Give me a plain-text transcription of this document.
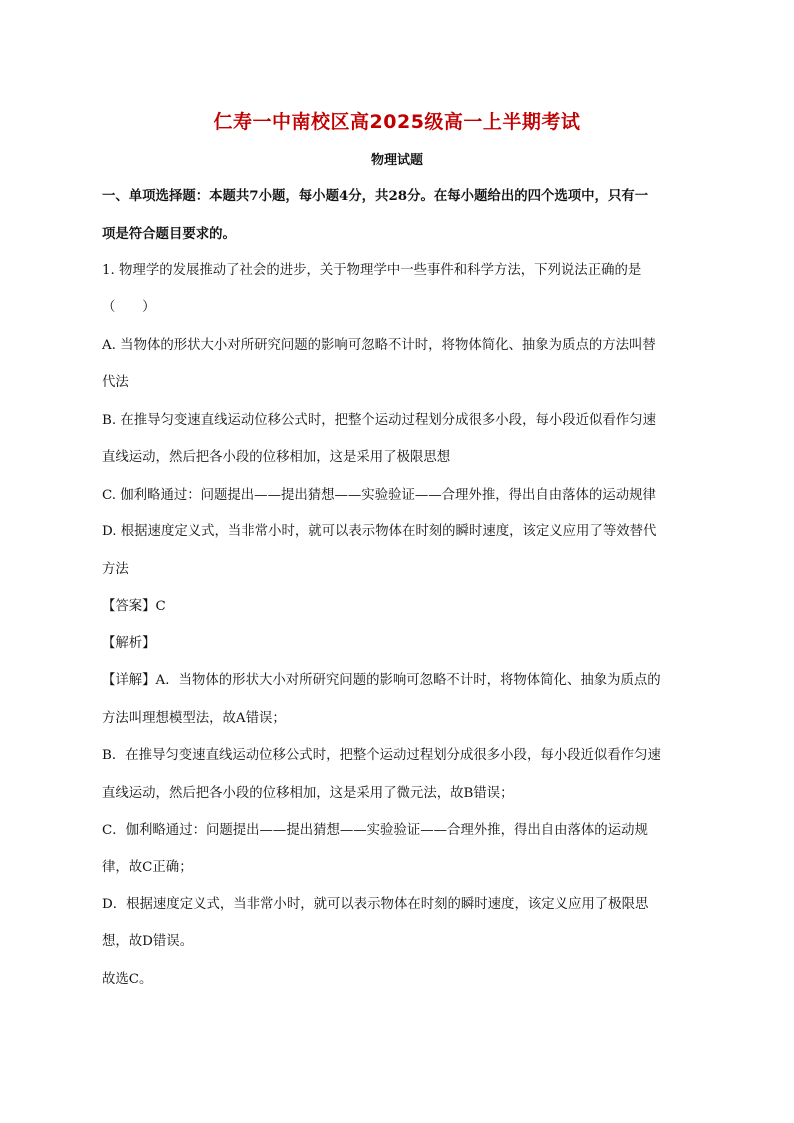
仁寿一中南校区高2025级高一上半期考试
物理试题
一、单项选择题：本题共7小题，每小题4分，共28分。在每小题给出的四个选项中，只有一
项是符合题目要求的。
1. 物理学的发展推动了社会的进步，关于物理学中一些事件和科学方法，下列说法正确的是
（　　）
A. 当物体的形状大小对所研究问题的影响可忽略不计时，将物体简化、抽象为质点的方法叫替
代法
B. 在推导匀变速直线运动位移公式时，把整个运动过程划分成很多小段，每小段近似看作匀速
直线运动，然后把各小段的位移相加，这是采用了极限思想
C. 伽利略通过：问题提出——提出猜想——实验验证——合理外推，得出自由落体的运动规律
D. 根据速度定义式，当非常小时，就可以表示物体在时刻的瞬时速度，该定义应用了等效替代
方法
【答案】C
【解析】
【详解】A．当物体的形状大小对所研究问题的影响可忽略不计时，将物体简化、抽象为质点的
方法叫理想模型法，故A错误；
B．在推导匀变速直线运动位移公式时，把整个运动过程划分成很多小段，每小段近似看作匀速
直线运动，然后把各小段的位移相加，这是采用了微元法，故B错误；
C．伽利略通过：问题提出——提出猜想——实验验证——合理外推，得出自由落体的运动规
律，故C正确；
D．根据速度定义式，当非常小时，就可以表示物体在时刻的瞬时速度，该定义应用了极限思
想，故D错误。
故选C。
